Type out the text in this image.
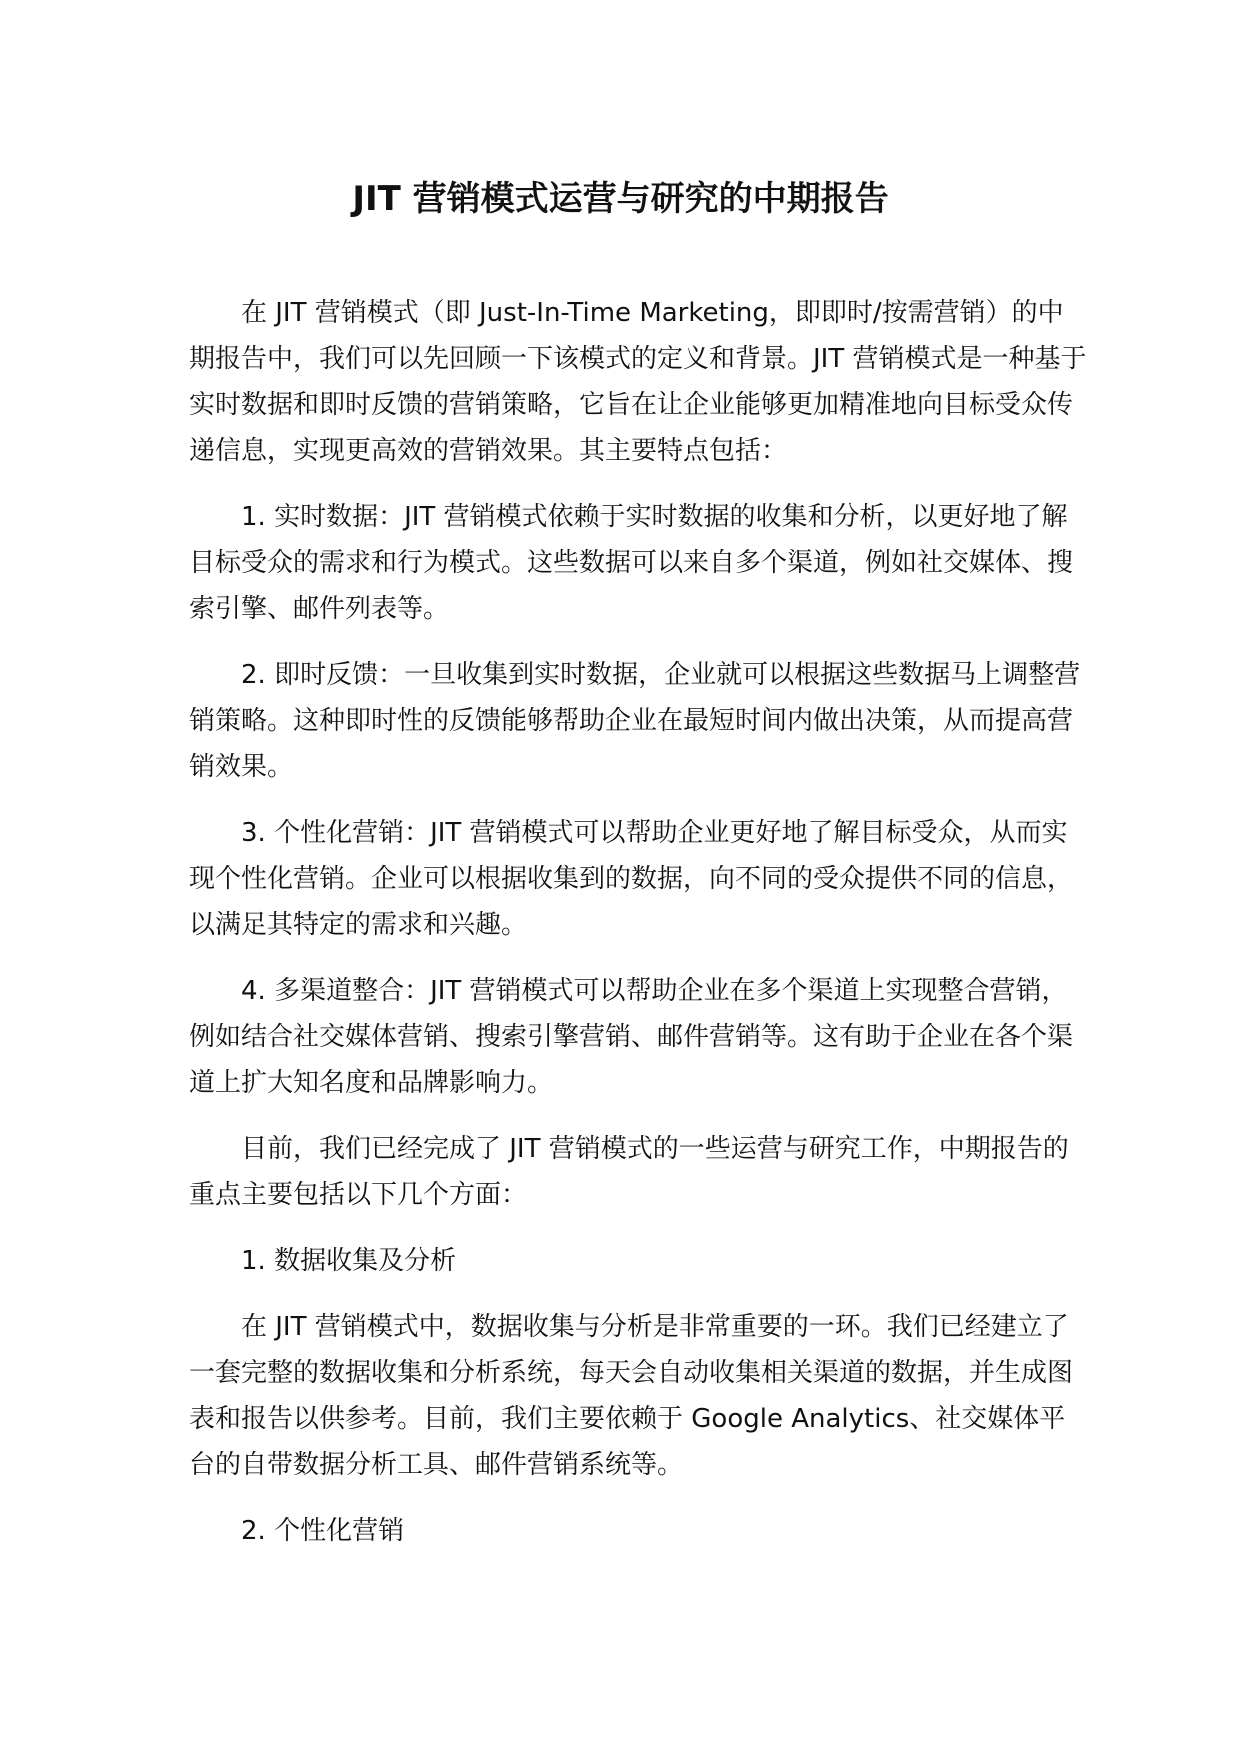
JIT 营销模式运营与研究的中期报告

在 JIT 营销模式（即 Just-In-Time Marketing，即即时/按需营销）的中期报告中，我们可以先回顾一下该模式的定义和背景。JIT 营销模式是一种基于实时数据和即时反馈的营销策略，它旨在让企业能够更加精准地向目标受众传递信息，实现更高效的营销效果。其主要特点包括：

1. 实时数据：JIT 营销模式依赖于实时数据的收集和分析，以更好地了解目标受众的需求和行为模式。这些数据可以来自多个渠道，例如社交媒体、搜索引擎、邮件列表等。

2. 即时反馈：一旦收集到实时数据，企业就可以根据这些数据马上调整营销策略。这种即时性的反馈能够帮助企业在最短时间内做出决策，从而提高营销效果。

3. 个性化营销：JIT 营销模式可以帮助企业更好地了解目标受众，从而实现个性化营销。企业可以根据收集到的数据，向不同的受众提供不同的信息，以满足其特定的需求和兴趣。

4. 多渠道整合：JIT 营销模式可以帮助企业在多个渠道上实现整合营销，例如结合社交媒体营销、搜索引擎营销、邮件营销等。这有助于企业在各个渠道上扩大知名度和品牌影响力。

目前，我们已经完成了 JIT 营销模式的一些运营与研究工作，中期报告的重点主要包括以下几个方面：

1. 数据收集及分析

在 JIT 营销模式中，数据收集与分析是非常重要的一环。我们已经建立了一套完整的数据收集和分析系统，每天会自动收集相关渠道的数据，并生成图表和报告以供参考。目前，我们主要依赖于 Google Analytics、社交媒体平台的自带数据分析工具、邮件营销系统等。

2. 个性化营销
